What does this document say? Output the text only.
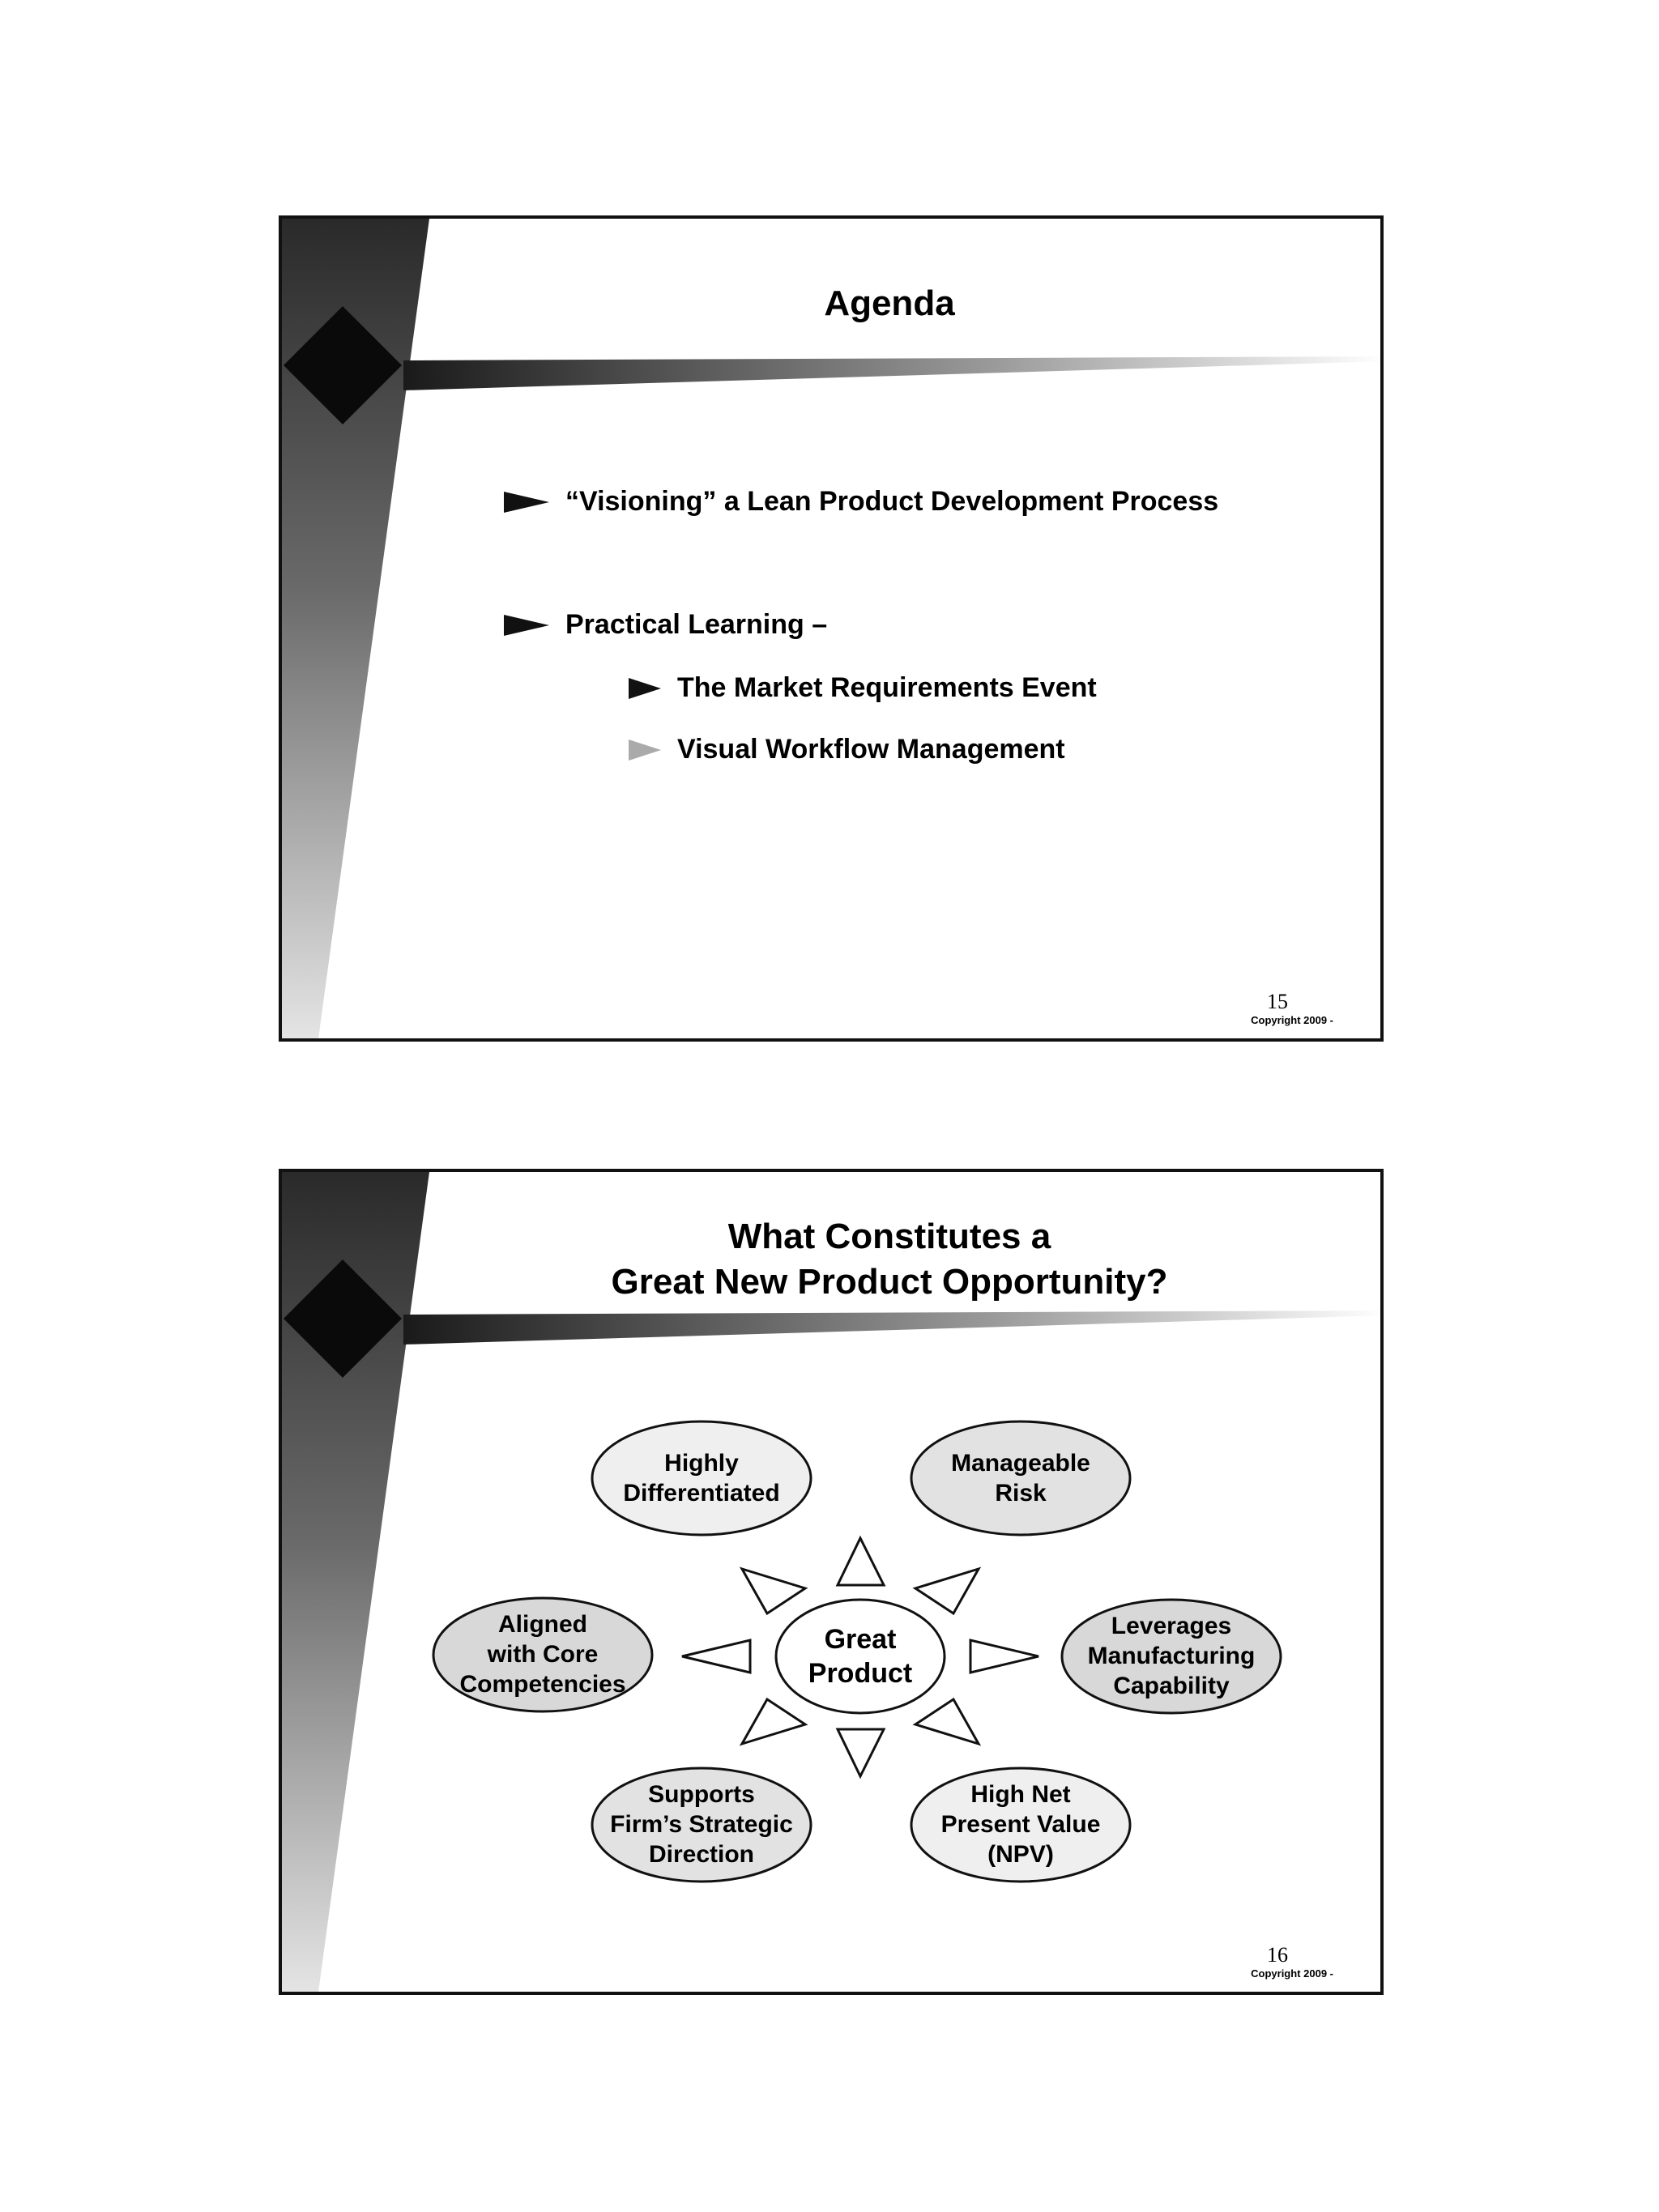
Agenda
“Visioning” a Lean Product Development Process
Practical Learning –
The Market Requirements Event
Visual Workflow Management
15
Copyright 2009 -
What Constitutes a
Great New Product Opportunity?
Great
Product
Highly
Differentiated
Manageable
Risk
Aligned
with Core
Competencies
Leverages
Manufacturing
Capability
Supports
Firm’s Strategic
Direction
High Net
Present Value
(NPV)
16
Copyright 2009 -
